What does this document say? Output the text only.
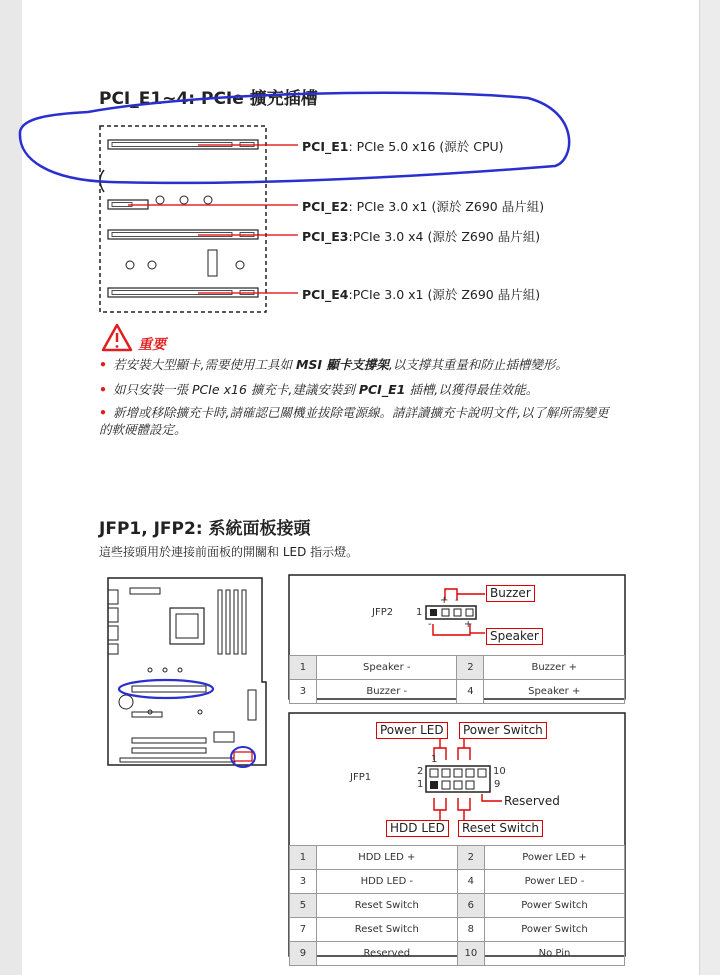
PCI_E1~4: PCIe 擴充插槽
PCI_E1: PCIe 5.0 x16 (源於 CPU)
PCI_E2: PCIe 3.0 x1 (源於 Z690 晶片組)
PCI_E3:PCIe 3.0 x4 (源於 Z690 晶片組)
PCI_E4:PCIe 3.0 x1 (源於 Z690 晶片組)
重要
• 若安裝大型顯卡,需要使用工具如 MSI 顯卡支撐架,以支撐其重量和防止插槽變形。
• 如只安裝一張 PCIe x16 擴充卡,建議安裝到 PCI_E1 插槽,以獲得最佳效能。
• 新增或移除擴充卡時,請確認已關機並拔除電源線。請詳讀擴充卡說明文件,以了解所需變更的軟硬體設定。
JFP1, JFP2: 系統面板接頭
這些接頭用於連接前面板的開關和 LED 指示燈。
JFP2 1
+ -
-	+
Buzzer
Speaker
1	Speaker -	2	Buzzer +
3	Buzzer -	4	Speaker +
JFP1
2
1
10
9
1
Power LED	Power Switch
HDD LED	Reset Switch
Reserved
1	HDD LED +	2	Power LED +
3	HDD LED -	4	Power LED -
5	Reset Switch	6	Power Switch
7	Reset Switch	8	Power Switch
9	Reserved	10	No Pin
